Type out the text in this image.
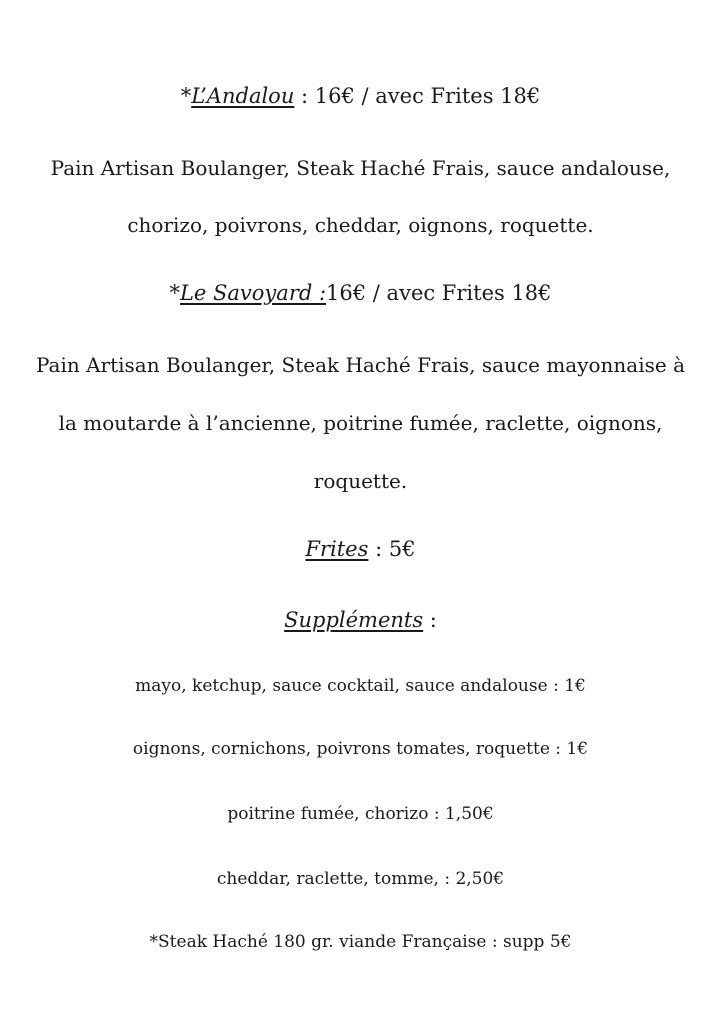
*L’Andalou : 16€ / avec Frites 18€
Pain Artisan Boulanger, Steak Haché Frais, sauce andalouse,
chorizo, poivrons, cheddar, oignons, roquette.
*Le Savoyard :16€ / avec Frites 18€
Pain Artisan Boulanger, Steak Haché Frais, sauce mayonnaise à
la moutarde à l’ancienne, poitrine fumée, raclette, oignons,
roquette.
Frites : 5€
Suppléments :
mayo, ketchup, sauce cocktail, sauce andalouse : 1€
oignons, cornichons, poivrons tomates, roquette : 1€
poitrine fumée, chorizo : 1,50€
cheddar, raclette, tomme, : 2,50€
*Steak Haché 180 gr. viande Française : supp 5€
